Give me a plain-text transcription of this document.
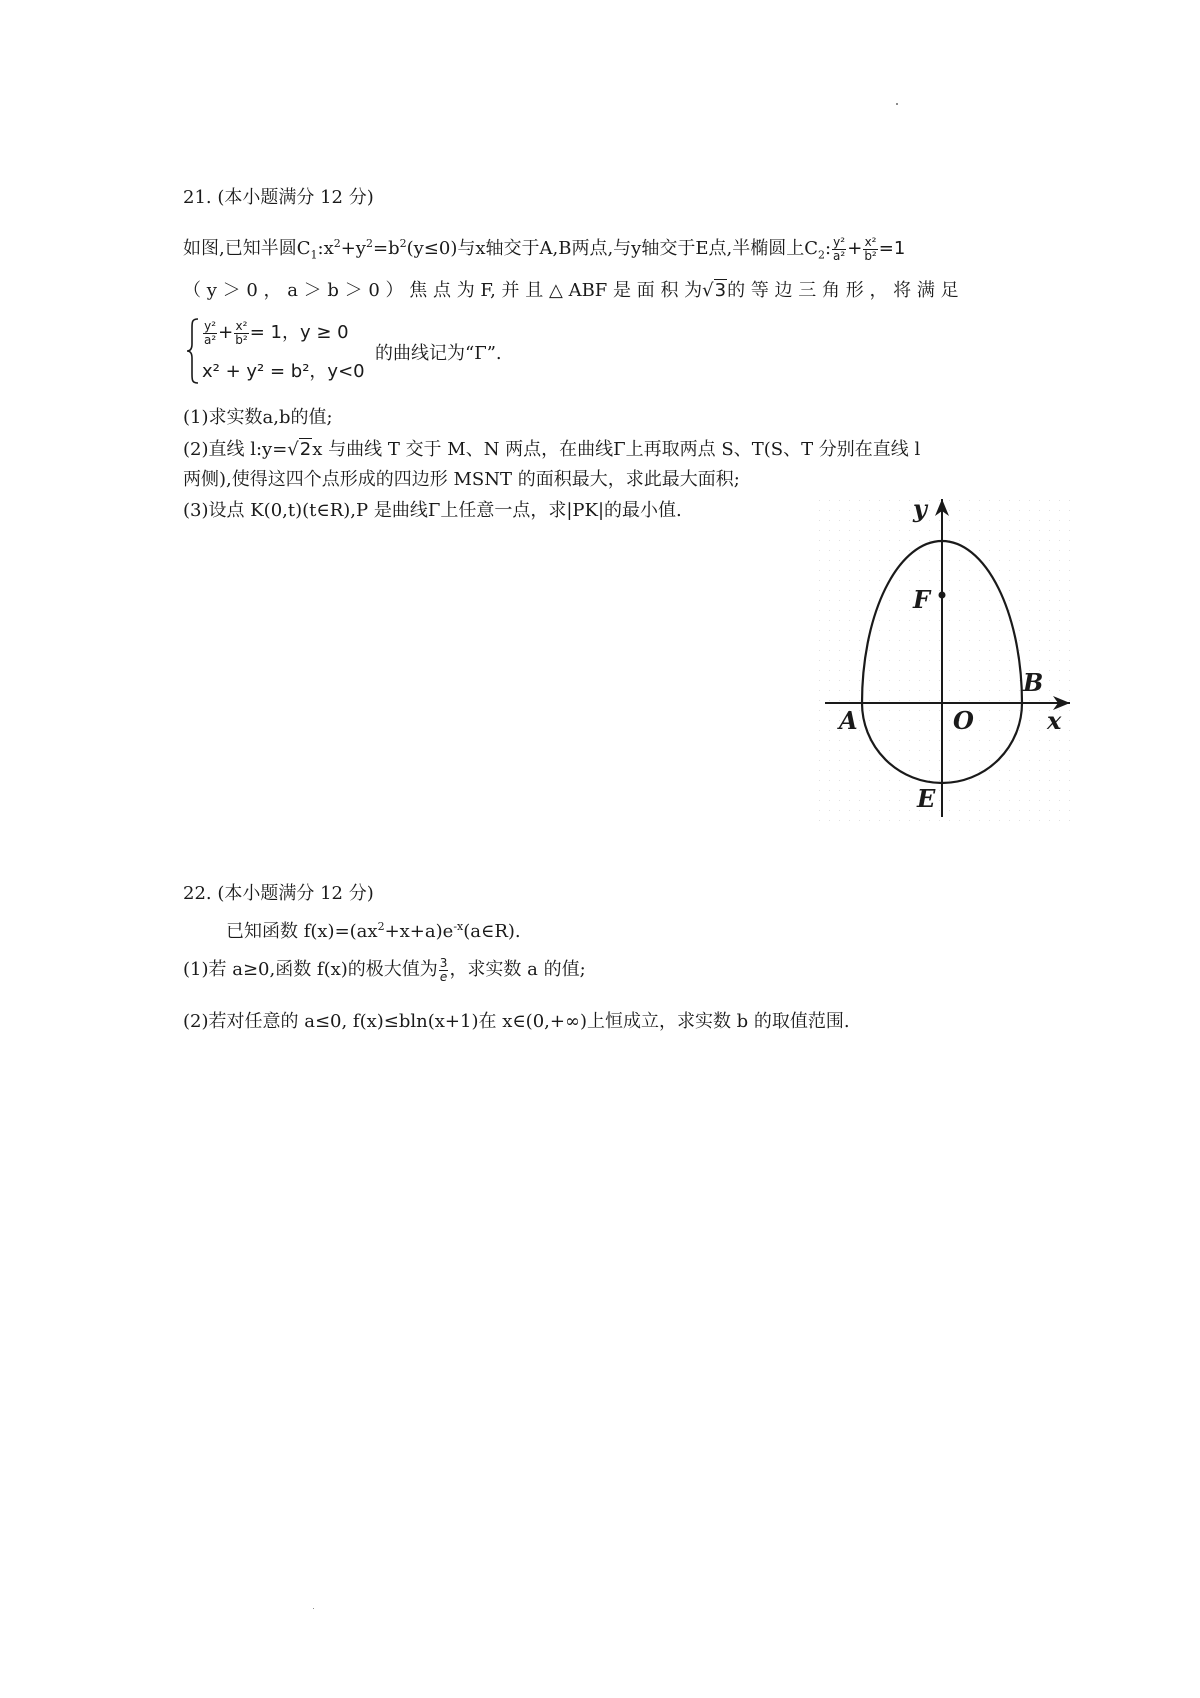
21. (本小题满分 12 分)
如图,已知半圆$C_1:x^2+y^2=b^2(y\le 0)$与x轴交于A,B两点,与y轴交于E点,半椭圆上$C_2$: $\frac{\text{y²}}{\text{a²}} + \frac{\text{x²}}{\text{b²}} =1$
（ y ＞ 0 ， a ＞ b ＞ 0 ） 焦 点 为 F, 并 且 △ ABF 是 面 积 为√3的 等 边 三 角 形 ， 将 满 足
$\frac{\text{y²}}{\text{a²}} + \frac{\text{x²}}{\text{b²}} = 1$，y ≥ 0
x² + y² = b²，y<0
的曲线记为“Γ”.
(1)求实数a,b的值;
(2)直线 l:y=√2x 与曲线 T 交于 M、N 两点，在曲线Γ上再取两点 S、T(S、T 分别在直线 l
两侧),使得这四个点形成的四边形 MSNT 的面积最大，求此最大面积;
(3)设点 K(0,t)(t∈R),P 是曲线Γ上任意一点，求|PK|的最小值.	y
F
B
A	O	x
E
22. (本小题满分 12 分)
已知函数 $f(x)=(ax^2+x+a)e^{-x}(a\in R)$.
(1)若 a≥0,函数 f(x)的极大值为 $\frac{3}{e}$ ，求实数 a 的值;
(2)若对任意的 a≤0, f(x)≤bln(x+1)在 x∈(0,+∞)上恒成立，求实数 b 的取值范围.
